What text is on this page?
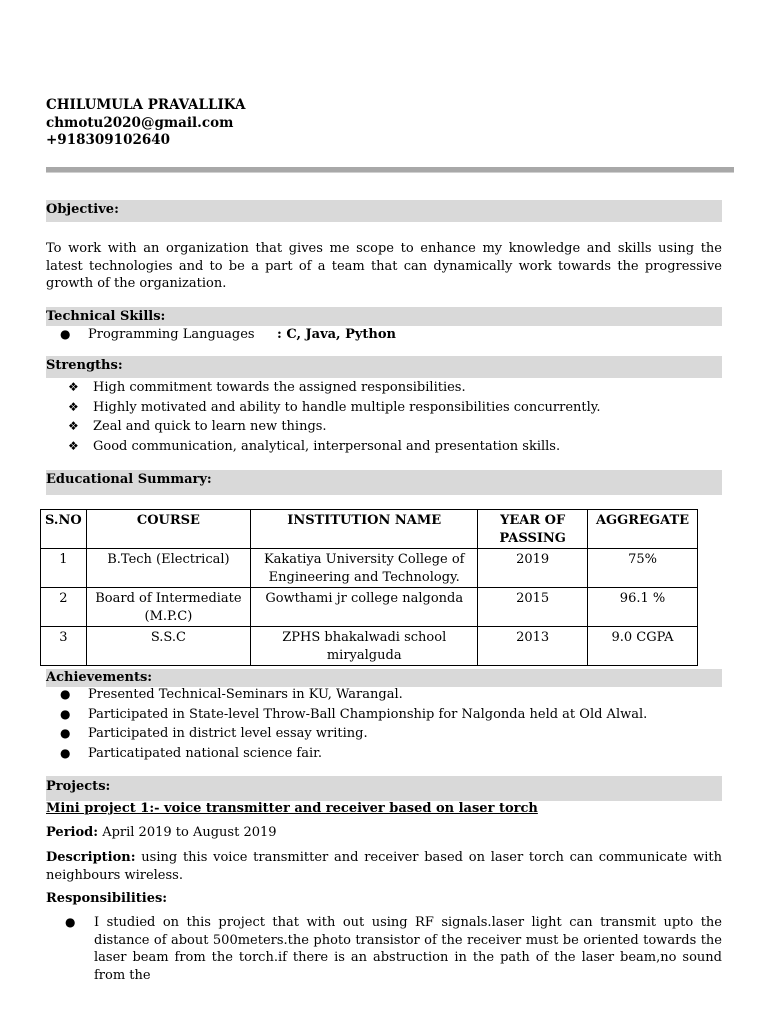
CHILUMULA PRAVALLIKA
chmotu2020@gmail.com
+918309102640
Objective:
To work with an organization that gives me scope to enhance my knowledge and skills using the latest technologies and to be a part of a team that can dynamically work towards the progressive growth of the organization.
Technical Skills:
● Programming Languages : C, Java, Python
Strengths:
❖ High commitment towards the assigned responsibilities.
❖ Highly motivated and ability to handle multiple responsibilities concurrently.
❖ Zeal and quick to learn new things.
❖ Good communication, analytical, interpersonal and presentation skills.
Educational Summary:
S.NO	COURSE	INSTITUTION NAME	YEAR OF PASSING	AGGREGATE
1	B.Tech (Electrical)	Kakatiya University College of Engineering and Technology.	2019	75%
2	Board of Intermediate (M.P.C)	Gowthami jr college nalgonda	2015	96.1 %
3	S.S.C	ZPHS bhakalwadi school miryalguda	2013	9.0 CGPA
Achievements:
● Presented Technical-Seminars in KU, Warangal.
● Participated in State-level Throw-Ball Championship for Nalgonda held at Old Alwal.
● Participated in district level essay writing.
● Particatipated national science fair.
Projects:
Mini project 1:- voice transmitter and receiver based on laser torch
Period: April 2019 to August 2019
Description: using this voice transmitter and receiver based on laser torch can communicate with neighbours wireless.
Responsibilities:
● I studied on this project that with out using RF signals.laser light can transmit upto the distance of about 500meters.the photo transistor of the receiver must be oriented towards the laser beam from the torch.if there is an abstruction in the path of the laser beam,no sound from the
